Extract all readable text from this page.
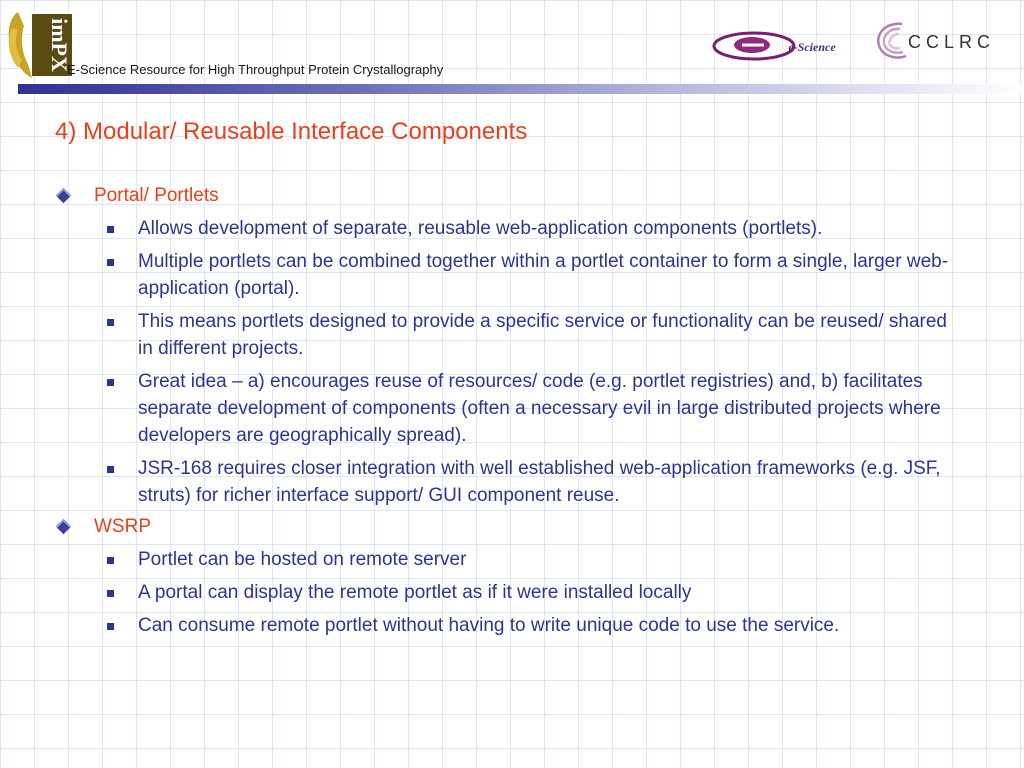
imPX
E-Science Resource for High Throughput Protein Crystallography
e-Science	CCLRC
4) Modular/ Reusable Interface Components
Portal/ Portlets
Allows development of separate, reusable web-application components (portlets).
Multiple portlets can be combined together within a portlet container to form a single, larger web-application (portal).
This means portlets designed to provide a specific service or functionality can be reused/ shared in different projects.
Great idea – a) encourages reuse of resources/ code (e.g. portlet registries) and, b) facilitates separate development of components (often a necessary evil in large distributed projects where developers are geographically spread).
JSR-168 requires closer integration with well established web-application frameworks (e.g. JSF, struts) for richer interface support/ GUI component reuse.
WSRP
Portlet can be hosted on remote server
A portal can display the remote portlet as if it were installed locally
Can consume remote portlet without having to write unique code to use the service.
